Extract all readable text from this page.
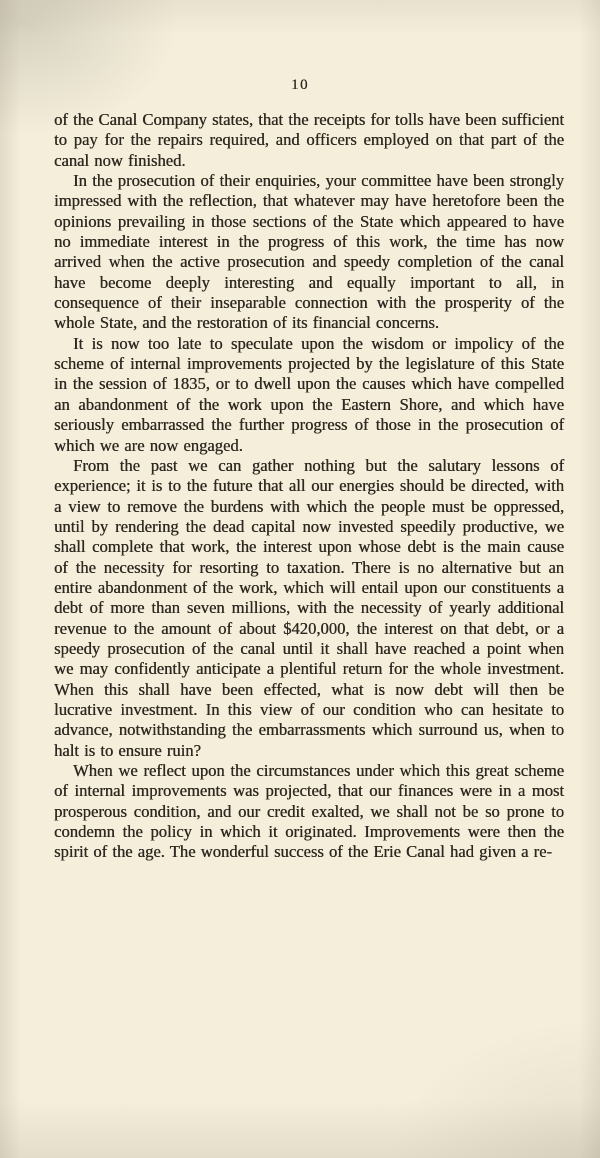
10

of the Canal Company states, that the receipts for tolls have been sufficient to pay for the repairs required, and officers employed on that part of the canal now finished.

In the prosecution of their enquiries, your committee have been strongly impressed with the reflection, that whatever may have heretofore been the opinions prevailing in those sections of the State which appeared to have no immediate interest in the progress of this work, the time has now arrived when the active prosecution and speedy completion of the canal have become deeply interesting and equally important to all, in consequence of their inseparable connection with the prosperity of the whole State, and the restoration of its financial concerns.

It is now too late to speculate upon the wisdom or impolicy of the scheme of internal improvements projected by the legislature of this State in the session of 1835, or to dwell upon the causes which have compelled an abandonment of the work upon the Eastern Shore, and which have seriously embarrassed the further progress of those in the prosecution of which we are now engaged.

From the past we can gather nothing but the salutary lessons of experience; it is to the future that all our energies should be directed, with a view to remove the burdens with which the people must be oppressed, until by rendering the dead capital now invested speedily productive, we shall complete that work, the interest upon whose debt is the main cause of the necessity for resorting to taxation. There is no alternative but an entire abandonment of the work, which will entail upon our constituents a debt of more than seven millions, with the necessity of yearly additional revenue to the amount of about $420,000, the interest on that debt, or a speedy prosecution of the canal until it shall have reached a point when we may confidently anticipate a plentiful return for the whole investment. When this shall have been effected, what is now debt will then be lucrative investment. In this view of our condition who can hesitate to advance, notwithstanding the embarrassments which surround us, when to halt is to ensure ruin?

When we reflect upon the circumstances under which this great scheme of internal improvements was projected, that our finances were in a most prosperous condition, and our credit exalted, we shall not be so prone to condemn the policy in which it originated. Improvements were then the spirit of the age. The wonderful success of the Erie Canal had given a re-
